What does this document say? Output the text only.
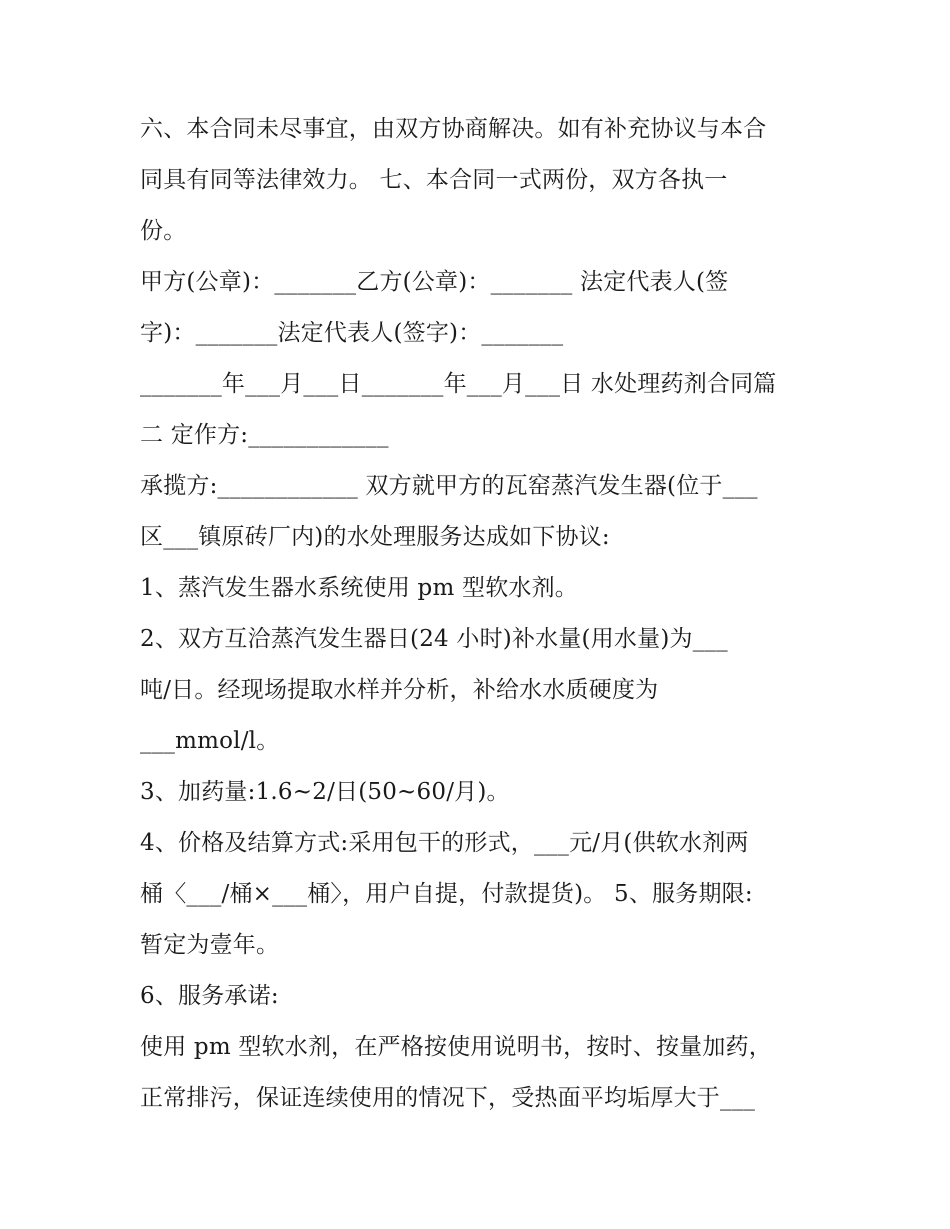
六、本合同未尽事宜，由双方协商解决。如有补充协议与本合
同具有同等法律效力。 七、本合同一式两份，双方各执一
份。
甲方(公章)：_______乙方(公章)：_______ 法定代表人(签
字)：_______法定代表人(签字)：_______
_______年___月___日_______年___月___日 水处理药剂合同篇
二 定作方:____________
承揽方:____________ 双方就甲方的瓦窑蒸汽发生器(位于___
区___镇原砖厂内)的水处理服务达成如下协议:
1、蒸汽发生器水系统使用 pm 型软水剂。
2、双方互洽蒸汽发生器日(24 小时)补水量(用水量)为___
吨/日。经现场提取水样并分析，补给水水质硬度为
___mmol/l。
3、加药量:1.6~2/日(50~60/月)。
4、价格及结算方式:采用包干的形式，___元/月(供软水剂两
桶〈___/桶×___桶〉，用户自提，付款提货)。 5、服务期限:
暂定为壹年。
6、服务承诺:
使用 pm 型软水剂，在严格按使用说明书，按时、按量加药，
正常排污，保证连续使用的情况下，受热面平均垢厚大于___
